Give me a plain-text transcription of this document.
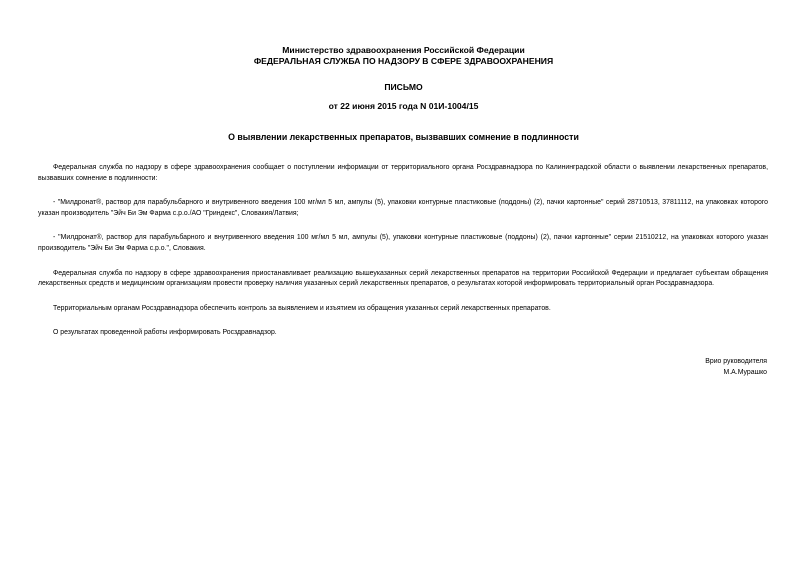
Министерство здравоохранения Российской Федерации
ФЕДЕРАЛЬНАЯ СЛУЖБА ПО НАДЗОРУ В СФЕРЕ ЗДРАВООХРАНЕНИЯ
ПИСЬМО
от 22 июня 2015 года N 01И-1004/15
О выявлении лекарственных препаратов, вызвавших сомнение в подлинности

Федеральная служба по надзору в сфере здравоохранения сообщает о поступлении информации от территориального органа Росздравнадзора по Калининградской области о выявлении лекарственных препаратов, вызвавших сомнение в подлинности:

- "Милдронат®, раствор для парабульбарного и внутривенного введения 100 мг/мл 5 мл, ампулы (5), упаковки контурные пластиковые (поддоны) (2), пачки картонные" серий 28710513, 37811112, на упаковках которого указан производитель "Эйч Би Эм Фарма с.р.о./АО "Гриндекс", Словакия/Латвия;

- "Милдронат®, раствор для парабульбарного и внутривенного введения 100 мг/мл 5 мл, ампулы (5), упаковки контурные пластиковые (поддоны) (2), пачки картонные" серии 21510212, на упаковках которого указан производитель "Эйч Би Эм Фарма с.р.о.", Словакия.

Федеральная служба по надзору в сфере здравоохранения приостанавливает реализацию вышеуказанных серий лекарственных препаратов на территории Российской Федерации и предлагает субъектам обращения лекарственных средств и медицинским организациям провести проверку наличия указанных серий лекарственных препаратов, о результатах которой информировать территориальный орган Росздравнадзора.

Территориальным органам Росздравнадзора обеспечить контроль за выявлением и изъятием из обращения указанных серий лекарственных препаратов.

О результатах проведенной работы информировать Росздравнадзор.

Врио руководителя
М.А.Мурашко
